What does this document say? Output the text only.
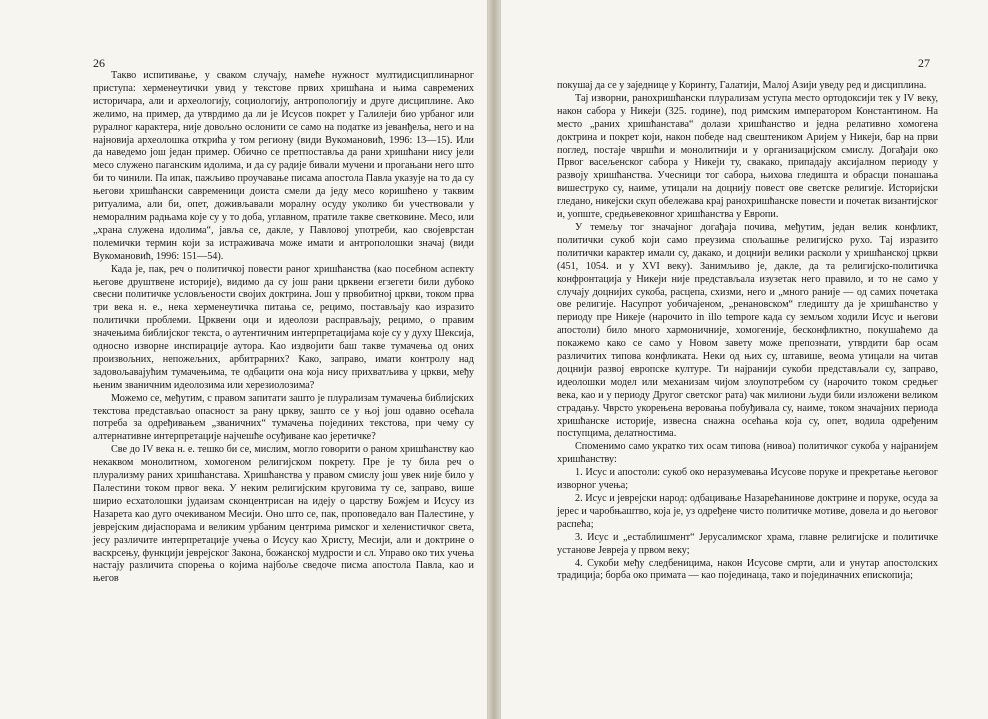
26

Такво испитивање, у сваком случају, намеће нужност мултидисциплинарног приступа: херменеутички увид у текстове првих хришћана и њима савремених историчара, али и археологију, социологију, антропологију и друге дисциплине. Ако желимо, на пример, да утврдимо да ли је Исусов покрет у Галилеји био урбаног или руралног карактера, није довољно ослонити се само на податке из јеванђеља, него и на најновија археолошка открића у том региону (види Вукомановић, 1996: 13—15). Или да наведемо још један пример. Обично се претпоставља да рани хришћани нису јели месо служено паганским идолима, и да су радије бивали мучени и прогањани него што би то чинили. Па ипак, пажљиво проучавање писама апостола Павла указује на то да су његови хришћански савременици доиста смели да једу месо коришћено у таквим ритуалима, али би, опет, доживљавали моралну осуду уколико би учествовали у неморалним радњама које су у то доба, углавном, пратиле такве светковине. Месо, или „храна служена идолима“, јавља се, дакле, у Павловој употреби, као својеврстан полемички термин који за истраживача може имати и антрополошки значај (види Вукомановић, 1996: 151—54).

Када је, пак, реч о политичкој повести раног хришћанства (као посебном аспекту његове друштвене историје), видимо да су још рани црквени егзегети били дубоко свесни политичке условљености својих доктрина. Још у првобитној цркви, током прва три века н. е., нека херменеутичка питања се, рецимо, постављају као изразито политички проблеми. Црквени оци и идеолози расправљају, рецимо, о правим значењима библијског текста, о аутентичним интерпретацијама које су у духу Шексија, односно изворне инспирације аутора. Као издвојити баш такве тумачења од оних произвољних, непожељних, арбитрарних? Како, заправо, имати контролу над задовољавајућим тумачењима, те одбацити она која нису прихватљива у цркви, међу њеним званичним идеолозима или херезиолозима?

Можемо се, међутим, с правом запитати зашто је плурализам тумачења библијских текстова представљао опасност за рану цркву, зашто се у њој још одавно осећала потреба за одређивањем „званичних“ тумачења појединих текстова, при чему су алтернативне интерпретације најчешће осуђиване као јеретичке?

Све до IV века н. е. тешко би се, мислим, могло говорити о раном хришћанству као некаквом монолитном, хомогеном религијском покрету. Пре је ту била реч о плурализму раних хришћанстава. Хришћанства у правом смислу још увек није било у Палестини током првог века. У неким религијским круговима ту се, заправо, више ширио есхатолошки јудаизам сконцентрисан на идеју о царству Божјем и Исусу из Назарета као дуго очекиваном Месији. Оно што се, пак, проповедало ван Палестине, у јеврејским дијаспорама и великим урбаним центрима римског и хеленистичког света, јесу различите интерпретације учења о Исусу као Христу, Месији, али и доктрине о васкрсењу, функцији јеврејског Закона, божанској мудрости и сл. Управо око тих учења настају различита спорења о којима најбоље сведоче писма апостола Павла, као и његов

27

покушај да се у заједнице у Коринту, Галатији, Малој Азији уведу ред и дисциплина.

Тај изворни, ранохришћански плурализам уступа место ортодоксији тек у IV веку, након сабора у Никеји (325. године), под римским императором Константином. На место „раних хришћанстава“ долази хришћанство и једна релативно хомогена доктрина и покрет који, након победе над свештеником Аријем у Никеји, бар на први поглед, постаје чвршћи и монолитнији и у организацијском смислу. Догађаји око Првог васељенског сабора у Никеји ту, свакако, припадају аксијалном периоду у развоју хришћанства. Учесници тог сабора, њихова гледишта и обрасци понашања вишеструко су, наиме, утицали на доцнију повест ове светске религије. Историјски гледано, никејски скуп обележава крај ранохришћанске повести и почетак византијског и, уопште, средњевековног хришћанства у Европи.

У темељу тог значајног догађаја почива, међутим, један велик конфликт, политички сукоб који само преузима спољашње религијско рухо. Тај изразито политички карактер имали су, дакако, и доцнији велики расколи у хришћанској цркви (451, 1054. и у XVI веку). Занимљиво је, дакле, да та религијско-политичка конфронтација у Никеји није представљала изузетак него правило, и то не само у случају доцнијих сукоба, расцепа, схизми, него и „много раније — од самих почетака ове религије. Насупрот уобичајеном, „ренановском“ гледишту да је хришћанство у периоду пре Никеје (нарочито in illo tempore када су земљом ходили Исус и његови апостоли) било много хармоничније, хомогеније, бесконфликтно, покушаћемо да покажемо како се само у Новом завету може препознати, утврдити бар осам различитих типова конфликата. Неки од њих су, штавише, веома утицали на читав доцнији развој европске културе. Ти најранији сукоби представљали су, заправо, идеолошки модел или механизам чијом злоупотребом су (нарочито током средњег века, као и у периоду Другог светског рата) чак милиони људи били изложени великом страдању. Чврсто укорењена веровања побуђивала су, наиме, током значајних периода хришћанске историје, извесна снажна осећања која су, опет, водила одређеним поступцима, делатностима.

Споменимо само укратко тих осам типова (нивоа) политичког сукоба у најранијем хришћанству:

1. Исус и апостоли: сукоб око неразумевања Исусове поруке и прекретање његовог изворног учења;

2. Исус и јеврејски народ: одбацивање Назарећанинове доктрине и поруке, осуда за јерес и чаробњаштво, која је, уз одређене чисто политичке мотиве, довела и до његовог распећа;

3. Исус и „естаблишмент“ Јерусалимског храма, главне религијске и политичке установе Јевреја у првом веку;

4. Сукоби међу следбеницима, након Исусове смрти, али и унутар апостолских традиција; борба око примата — као појединаца, тако и појединачних епископија;
